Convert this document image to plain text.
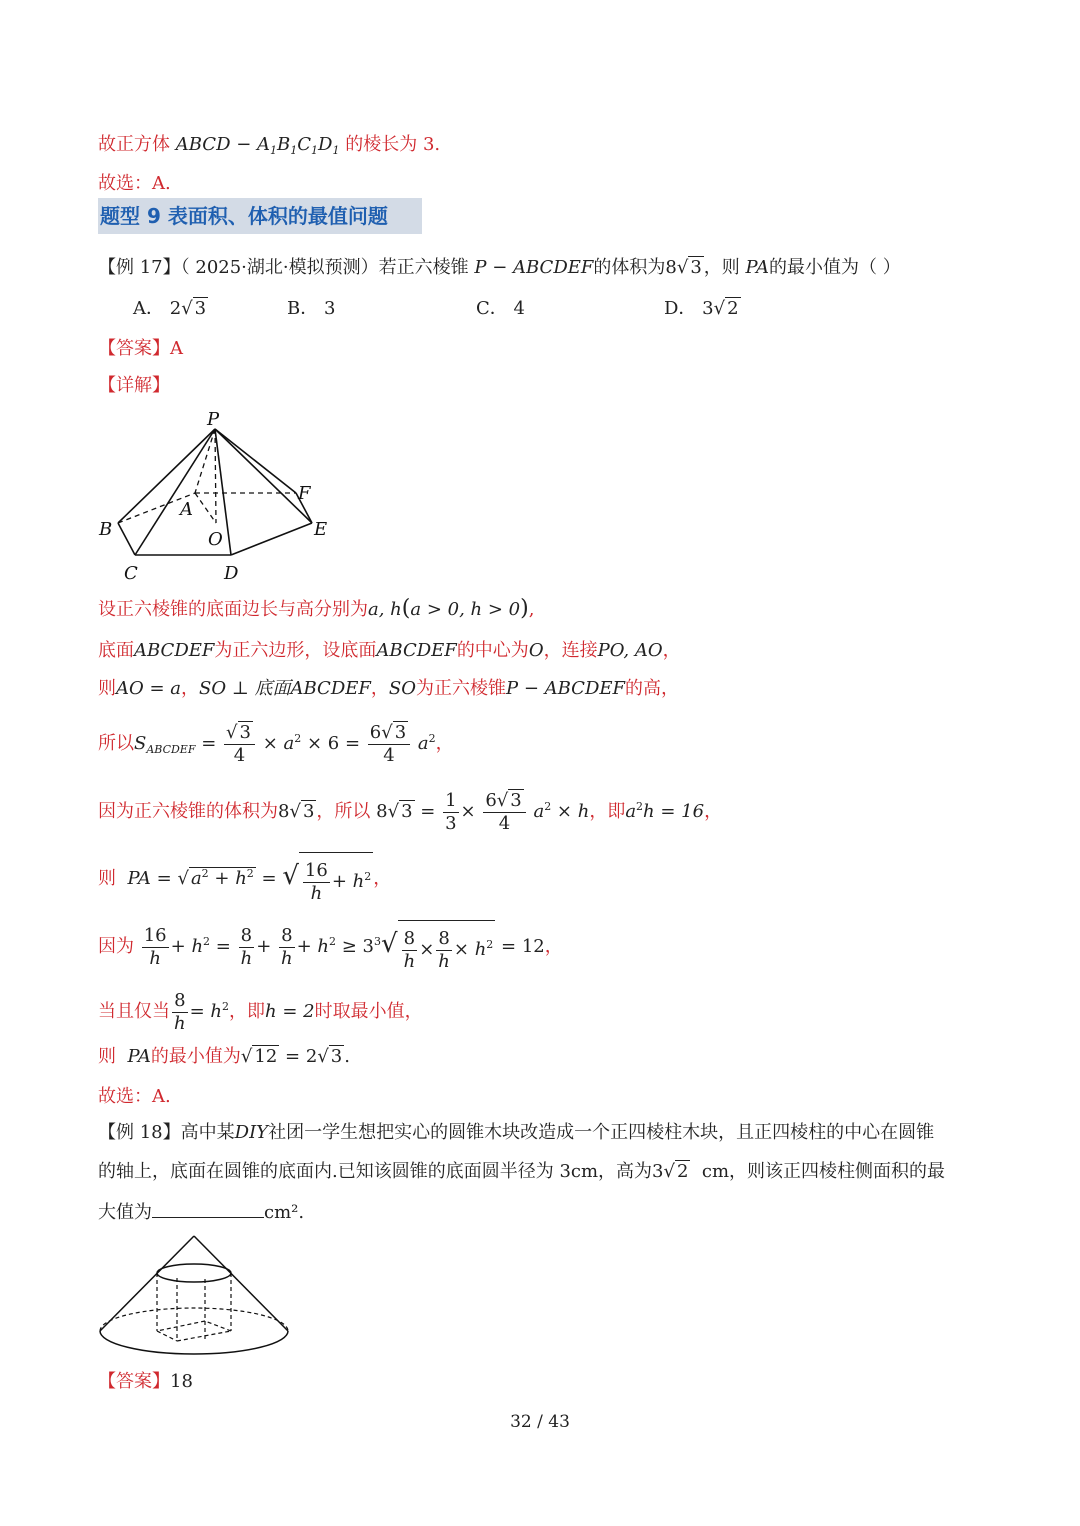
故正方体 ABCD − $A_1B_1C_1D_1$ 的棱长为 3.
故选：A.
题型 9 表面积、体积的最值问题
【例 17】（ 2025·湖北·模拟预测）若正六棱锥 P − ABCDEF的体积为8√ 3 ，则 PA的最小值为（ ）
A． 2√ 3	B． 3	C． 4	D． 3√ 2
【答案】A
【详解】
P
A
F
B	O	E
C	D
设正六棱锥的底面边长与高分别为a, h(a > 0, h > 0),
底面ABCDEF为正六边形，设底面ABCDEF的中心为O，连接PO, AO，
则AO = a，SO ⊥ 底面ABCDEF，SO为正六棱锥P − ABCDEF的高，
所以$S_{ABCDEF} = \frac{√ 3}{4} \times a^2 \times 6 = \frac{6√ 3}{4} a^2$，
因为正六棱锥的体积为8√ 3 ，所以 8√ $3 = \frac{1}{3} \times \frac{6√ 3}{4} a^2 \times h$，即$a^2h = 16$，
则 PA = √ $a^2 + h^2$ = √ $\frac{16}{h} + h^2$ ，
因为 $\frac{16}{h} + h^2 = \frac{8}{h} + \frac{8}{h} + h^2 \ge 3^3√ \frac{8}{h} \times \frac{8}{h} \times h^2 = 12$，
当且仅当 $\frac{8}{h} = h^2$，即h = 2时取最小值，
则 PA的最小值为√ 12 = 2√ 3 .
故选：A.
【例 18】高中某DIY社团一学生想把实心的圆锥木块改造成一个正四棱柱木块，且正四棱柱的中心在圆锥
的轴上，底面在圆锥的底面内.已知该圆锥的底面圆半径为 3cm，高为3√ 2 cm，则该正四棱柱侧面积的最
大值为	cm².
【答案】18
32 / 43
